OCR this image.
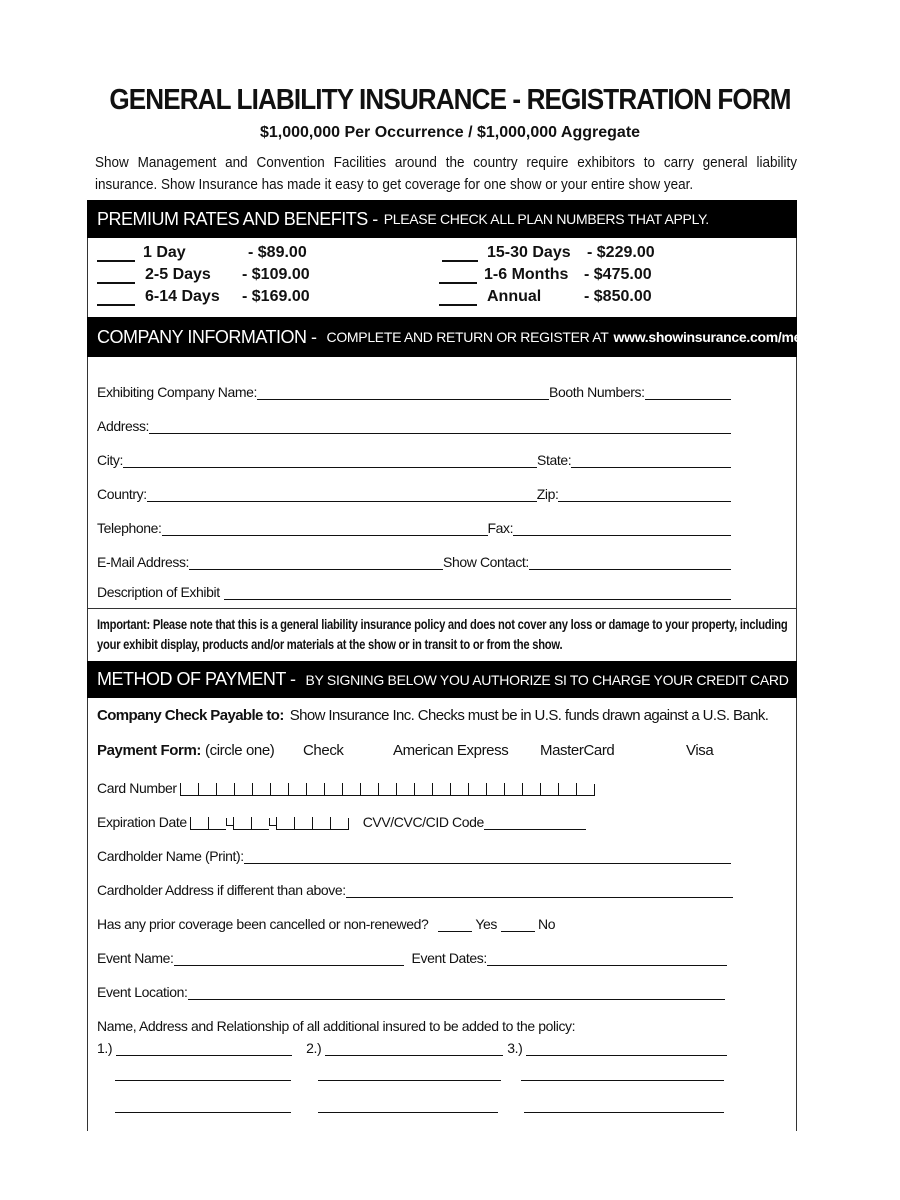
GENERAL LIABILITY INSURANCE - REGISTRATION FORM
$1,000,000 Per Occurrence / $1,000,000 Aggregate
Show Management and Convention Facilities around the country require exhibitors to carry general liability insurance. Show Insurance has made it easy to get coverage for one show or your entire show year.
PREMIUM RATES AND BENEFITS - PLEASE CHECK ALL PLAN NUMBERS THAT APPLY.
1 Day	- $89.00
2-5 Days	- $109.00
6-14 Days	- $169.00
15-30 Days	- $229.00
1-6 Months - $475.00
Annual	- $850.00
COMPANY INFORMATION - COMPLETE AND RETURN OR REGISTER AT www.showinsurance.com/metro
Exhibiting Company Name:	Booth Numbers:
Address:
City:	State:
Country:	Zip:
Telephone:	Fax:
E-Mail Address:	Show Contact:
Description of Exhibit
Important: Please note that this is a general liability insurance policy and does not cover any loss or damage to your property, including your exhibit display, products and/or materials at the show or in transit to or from the show.
METHOD OF PAYMENT - BY SIGNING BELOW YOU AUTHORIZE SI TO CHARGE YOUR CREDIT CARD
Company Check Payable to: Show Insurance Inc. Checks must be in U.S. funds drawn against a U.S. Bank.
Payment Form: (circle one)	Check	American Express	MasterCard	Visa
Card Number
Expiration Date	CVV/CVC/CID Code
Cardholder Name (Print):
Cardholder Address if different than above:
Has any prior coverage been cancelled or non-renewed?	Yes	No
Event Name:	Event Dates:
Event Location:
Name, Address and Relationship of all additional insured to be added to the policy:
1.)	2.)	3.)
